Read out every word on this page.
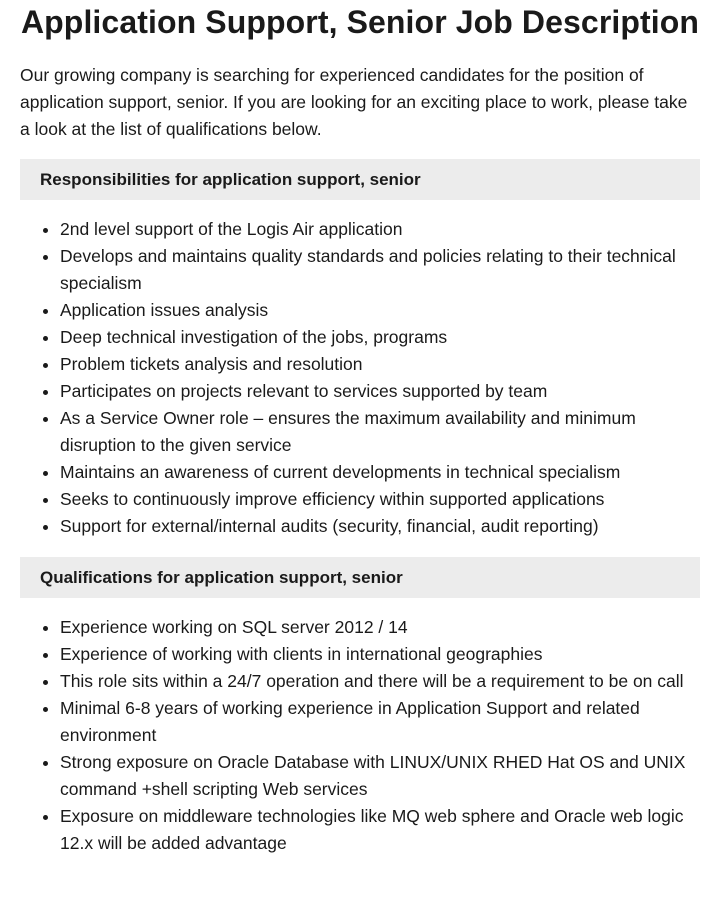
Application Support, Senior Job Description

Our growing company is searching for experienced candidates for the position of application support, senior. If you are looking for an exciting place to work, please take a look at the list of qualifications below.

Responsibilities for application support, senior
• 2nd level support of the Logis Air application
• Develops and maintains quality standards and policies relating to their technical specialism
• Application issues analysis
• Deep technical investigation of the jobs, programs
• Problem tickets analysis and resolution
• Participates on projects relevant to services supported by team
• As a Service Owner role – ensures the maximum availability and minimum disruption to the given service
• Maintains an awareness of current developments in technical specialism
• Seeks to continuously improve efficiency within supported applications
• Support for external/internal audits (security, financial, audit reporting)
Qualifications for application support, senior
• Experience working on SQL server 2012 / 14
• Experience of working with clients in international geographies
• This role sits within a 24/7 operation and there will be a requirement to be on call
• Minimal 6-8 years of working experience in Application Support and related environment
• Strong exposure on Oracle Database with LINUX/UNIX RHED Hat OS and UNIX command +shell scripting Web services
• Exposure on middleware technologies like MQ web sphere and Oracle web logic 12.x will be added advantage
